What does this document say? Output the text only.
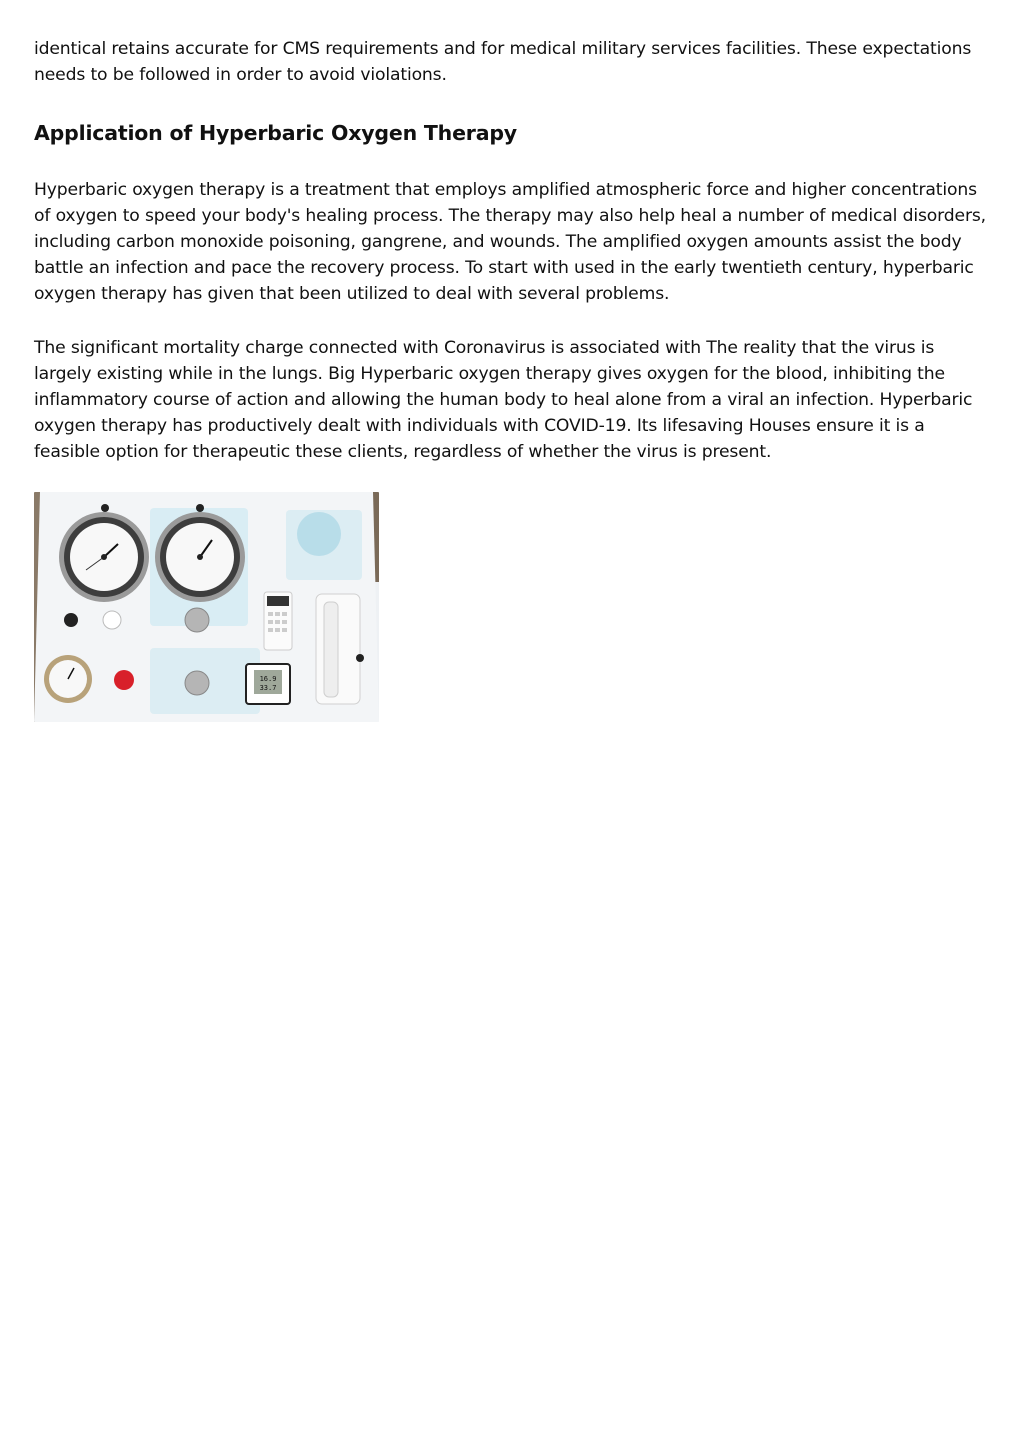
identical retains accurate for CMS requirements and for medical military services facilities. These expectations needs to be followed in order to avoid violations.

Application of Hyperbaric Oxygen Therapy

Hyperbaric oxygen therapy is a treatment that employs amplified atmospheric force and higher concentrations of oxygen to speed your body's healing process. The therapy may also help heal a number of medical disorders, including carbon monoxide poisoning, gangrene, and wounds. The amplified oxygen amounts assist the body battle an infection and pace the recovery process. To start with used in the early twentieth century, hyperbaric oxygen therapy has given that been utilized to deal with several problems.

The significant mortality charge connected with Coronavirus is associated with The reality that the virus is largely existing while in the lungs. Big Hyperbaric oxygen therapy gives oxygen for the blood, inhibiting the inflammatory course of action and allowing the human body to heal alone from a viral an infection. Hyperbaric oxygen therapy has productively dealt with individuals with COVID-19. Its lifesaving Houses ensure it is a feasible option for therapeutic these clients, regardless of whether the virus is present.

16.9
33.7
